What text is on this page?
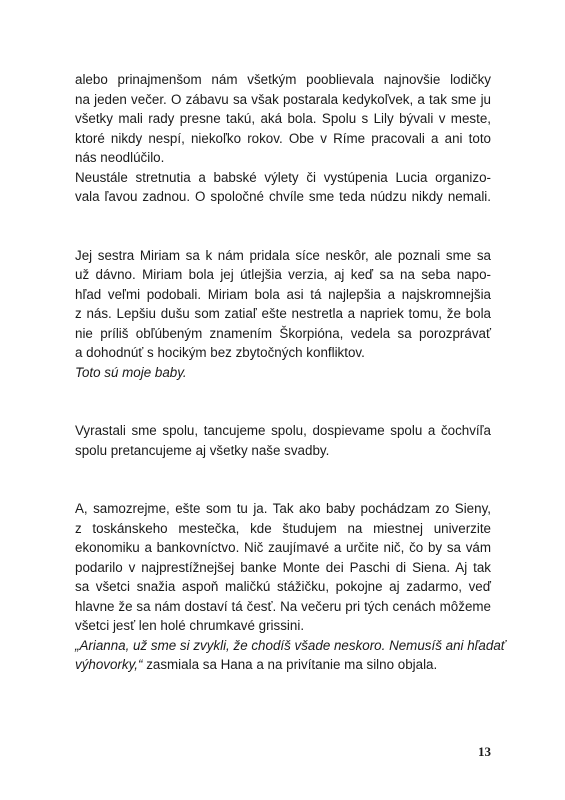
alebo prinajmenšom nám všetkým pooblievala najnovšie lodičky
na jeden večer. O zábavu sa však postarala kedykoľvek, a tak sme ju
všetky mali rady presne takú, aká bola. Spolu s Lily bývali v meste,
ktoré nikdy nespí, niekoľko rokov. Obe v Ríme pracovali a ani toto
nás neodlúčilo.
Neustále stretnutia a babské výlety či vystúpenia Lucia organizo-
vala ľavou zadnou. O spoločné chvíle sme teda núdzu nikdy nemali.
Jej sestra Miriam sa k nám pridala síce neskôr, ale poznali sme sa
už dávno. Miriam bola jej útlejšia verzia, aj keď sa na seba napo-
hľad veľmi podobali. Miriam bola asi tá najlepšia a najskromnejšia
z nás. Lepšiu dušu som zatiaľ ešte nestretla a napriek tomu, že bola
nie príliš obľúbeným znamením Škorpióna, vedela sa porozprávať
a dohodnúť s hocikým bez zbytočných konfliktov.
Toto sú moje baby.
Vyrastali sme spolu, tancujeme spolu, dospievame spolu a čochvíľa
spolu pretancujeme aj všetky naše svadby.
A, samozrejme, ešte som tu ja. Tak ako baby pochádzam zo Sieny,
z toskánskeho mestečka, kde študujem na miestnej univerzite
ekonomiku a bankovníctvo. Nič zaujímavé a určite nič, čo by sa vám
podarilo v najprestížnejšej banke Monte dei Paschi di Siena. Aj tak
sa všetci snažia aspoň maličkú stážičku, pokojne aj zadarmo, veď
hlavne že sa nám dostaví tá česť. Na večeru pri tých cenách môžeme
všetci jesť len holé chrumkavé grissini.
„Arianna, už sme si zvykli, že chodíš všade neskoro. Nemusíš ani hľadať
výhovorky,“ zasmiala sa Hana a na privítanie ma silno objala.
13
